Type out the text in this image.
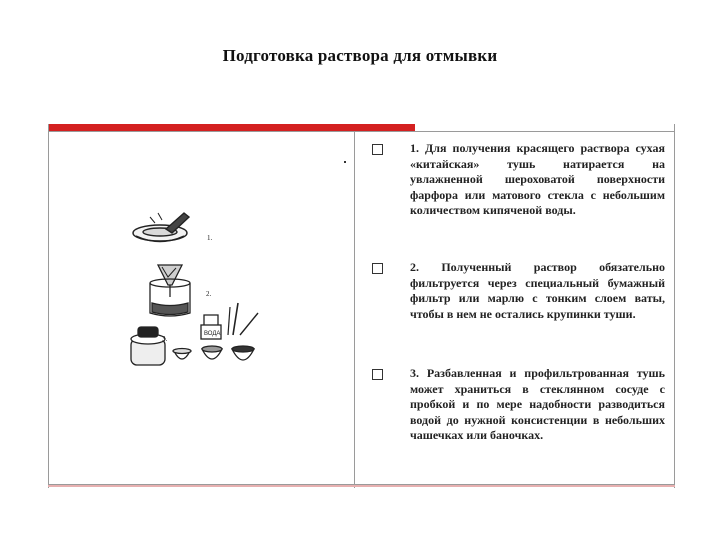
Подготовка раствора для отмывки
1.
2.
3.
ВОДА
1. Для получения красящего раствора сухая «китайская» тушь натирается на увлажненной шероховатой поверхности фарфора или матового стекла с небольшим количеством кипяченой воды.
2. Полученный раствор обязательно фильтруется через специальный бумажный фильтр или марлю с тонким слоем ваты, чтобы в нем не остались крупинки туши.
3. Разбавленная и профильтрованная тушь может храниться в стеклянном сосуде с пробкой и по мере надобности разводиться водой до нужной консистенции в небольших чашечках или баночках.
